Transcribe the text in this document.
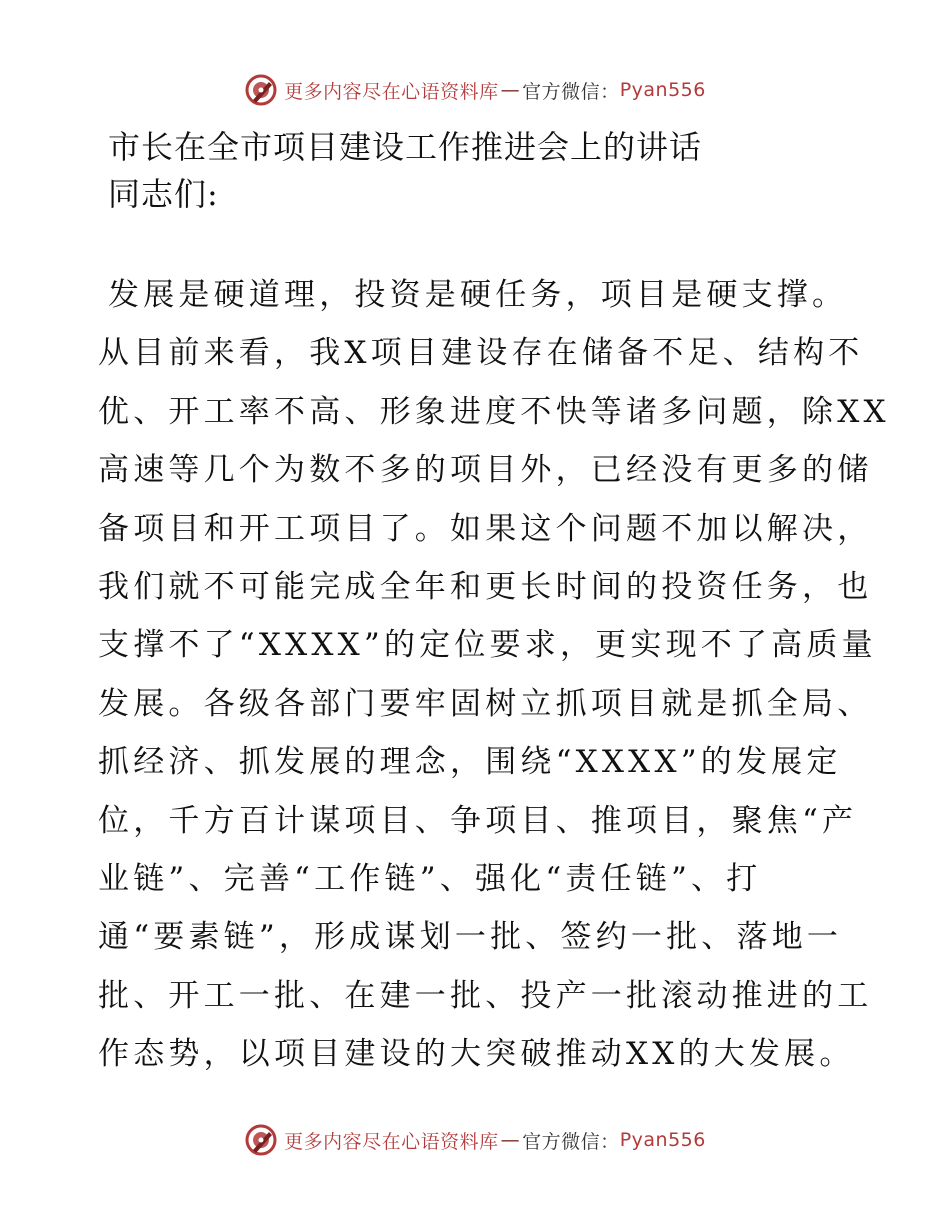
更多内容尽在心语资料库 — 官方微信： Pyan556
市长在全市项目建设工作推进会上的讲话
同志们:
发展是硬道理，投资是硬任务，项目是硬支撑。
从目前来看，我X项目建设存在储备不足、结构不
优、开工率不高、形象进度不快等诸多问题，除XX
高速等几个为数不多的项目外，已经没有更多的储
备项目和开工项目了。如果这个问题不加以解决，
我们就不可能完成全年和更长时间的投资任务，也
支撑不了“XXXX”的定位要求，更实现不了高质量
发展。各级各部门要牢固树立抓项目就是抓全局、
抓经济、抓发展的理念，围绕“XXXX”的发展定
位，千方百计谋项目、争项目、推项目，聚焦“产
业链”、完善“工作链”、强化“责任链”、打
通“要素链”，形成谋划一批、签约一批、落地一
批、开工一批、在建一批、投产一批滚动推进的工
作态势，以项目建设的大突破推动XX的大发展。
更多内容尽在心语资料库 — 官方微信： Pyan556
